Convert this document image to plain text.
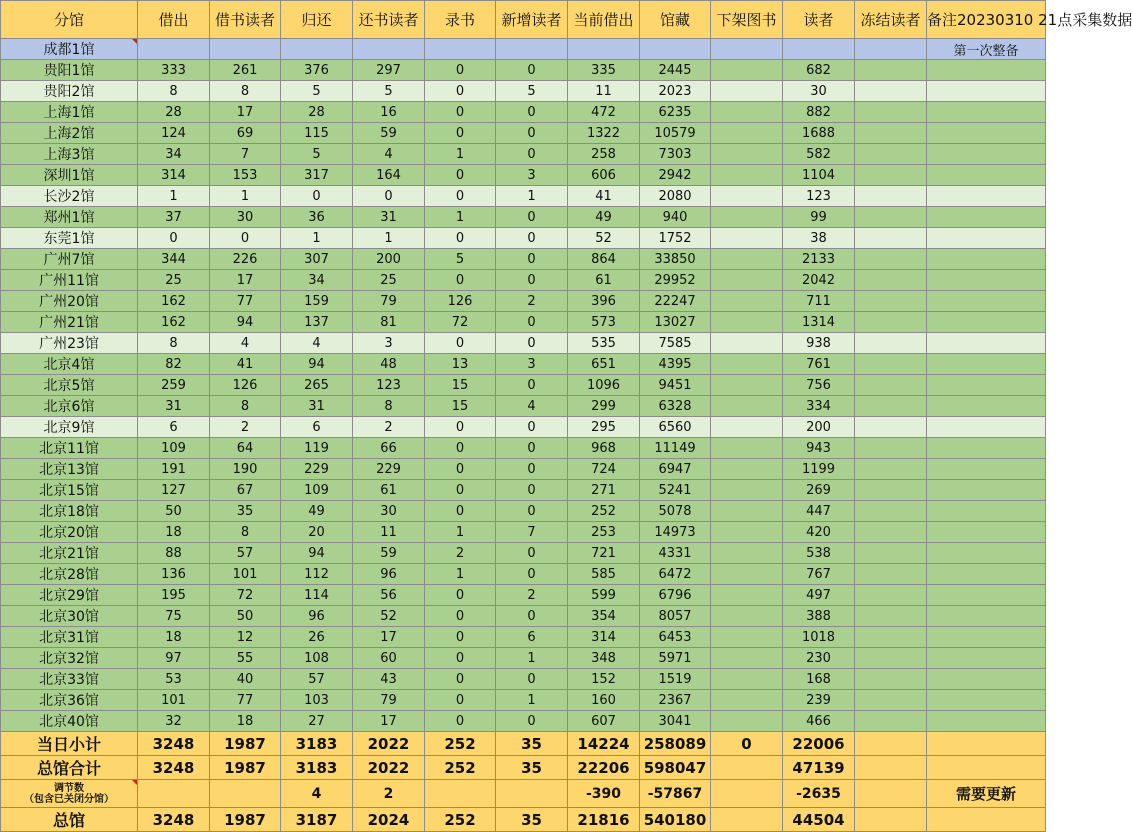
分馆	借出	借书读者	归还	还书读者	录书	新增读者	当前借出	馆藏	下架图书	读者	冻结读者	备注20230310 21点采集数据
成都1馆												第一次整备
贵阳1馆	333	261	376	297	0	0	335	2445		682		
贵阳2馆	8	8	5	5	0	5	11	2023		30		
上海1馆	28	17	28	16	0	0	472	6235		882		
上海2馆	124	69	115	59	0	0	1322	10579		1688		
上海3馆	34	7	5	4	1	0	258	7303		582		
深圳1馆	314	153	317	164	0	3	606	2942		1104		
长沙2馆	1	1	0	0	0	1	41	2080		123		
郑州1馆	37	30	36	31	1	0	49	940		99		
东莞1馆	0	0	1	1	0	0	52	1752		38		
广州7馆	344	226	307	200	5	0	864	33850		2133		
广州11馆	25	17	34	25	0	0	61	29952		2042		
广州20馆	162	77	159	79	126	2	396	22247		711		
广州21馆	162	94	137	81	72	0	573	13027		1314		
广州23馆	8	4	4	3	0	0	535	7585		938		
北京4馆	82	41	94	48	13	3	651	4395		761		
北京5馆	259	126	265	123	15	0	1096	9451		756		
北京6馆	31	8	31	8	15	4	299	6328		334		
北京9馆	6	2	6	2	0	0	295	6560		200		
北京11馆	109	64	119	66	0	0	968	11149		943		
北京13馆	191	190	229	229	0	0	724	6947		1199		
北京15馆	127	67	109	61	0	0	271	5241		269		
北京18馆	50	35	49	30	0	0	252	5078		447		
北京20馆	18	8	20	11	1	7	253	14973		420		
北京21馆	88	57	94	59	2	0	721	4331		538		
北京28馆	136	101	112	96	1	0	585	6472		767		
北京29馆	195	72	114	56	0	2	599	6796		497		
北京30馆	75	50	96	52	0	0	354	8057		388		
北京31馆	18	12	26	17	0	6	314	6453		1018		
北京32馆	97	55	108	60	0	1	348	5971		230		
北京33馆	53	40	57	43	0	0	152	1519		168		
北京36馆	101	77	103	79	0	1	160	2367		239		
北京40馆	32	18	27	17	0	0	607	3041		466		
当日小计	3248	1987	3183	2022	252	35	14224	258089	0	22006		
总馆合计	3248	1987	3183	2022	252	35	22206	598047		47139		

调节数
（包含已关闭分馆）			4	2			-390	-57867		-2635		需要更新
总馆	3248	1987	3187	2024	252	35	21816	540180		44504		
